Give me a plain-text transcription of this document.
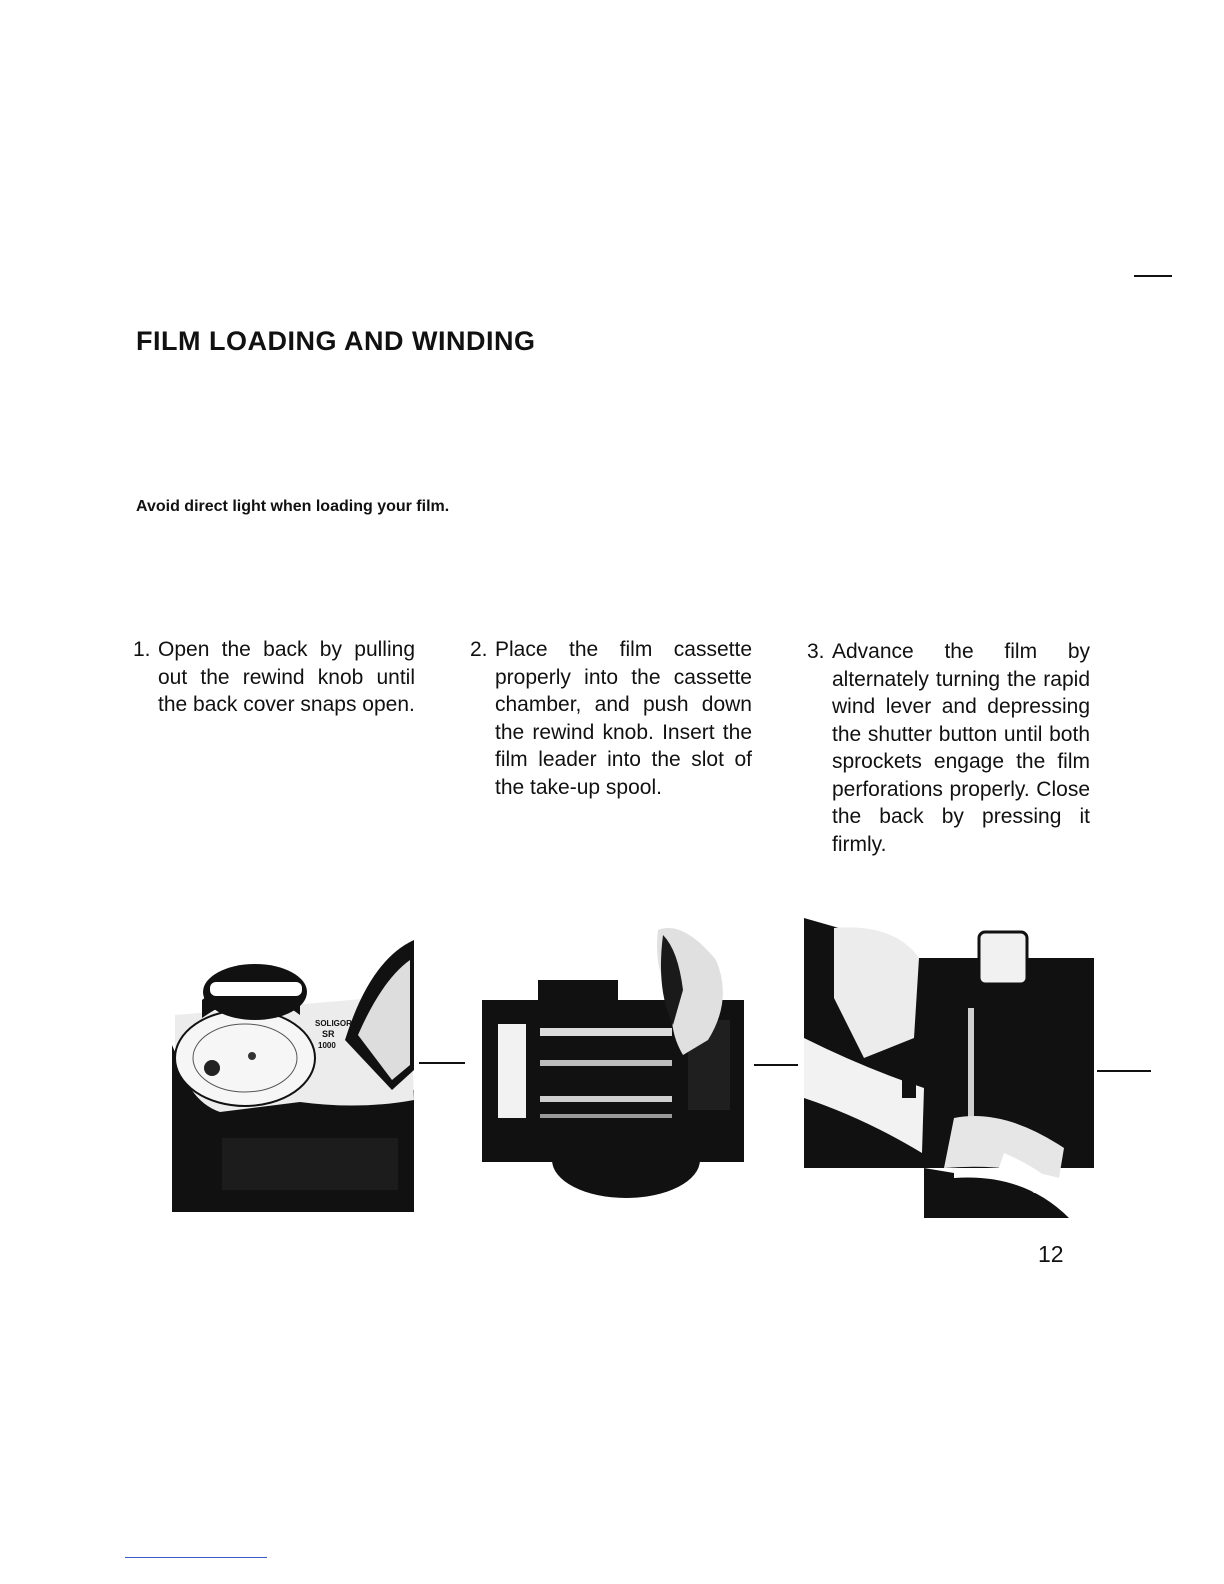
FILM LOADING AND WINDING

Avoid direct light when loading your film.

1. Open the back by pulling out the rewind knob until the back cover snaps open.
2. Place the film cassette properly into the cassette chamber, and push down the rewind knob. Insert the film leader into the slot of the take-up spool.
3. Advance the film by alternately turning the rapid wind lever and depressing the shutter button until both sprockets engage the film perforations properly. Close the back by pressing it firmly.
SOLIGOR
SR
1000

12
